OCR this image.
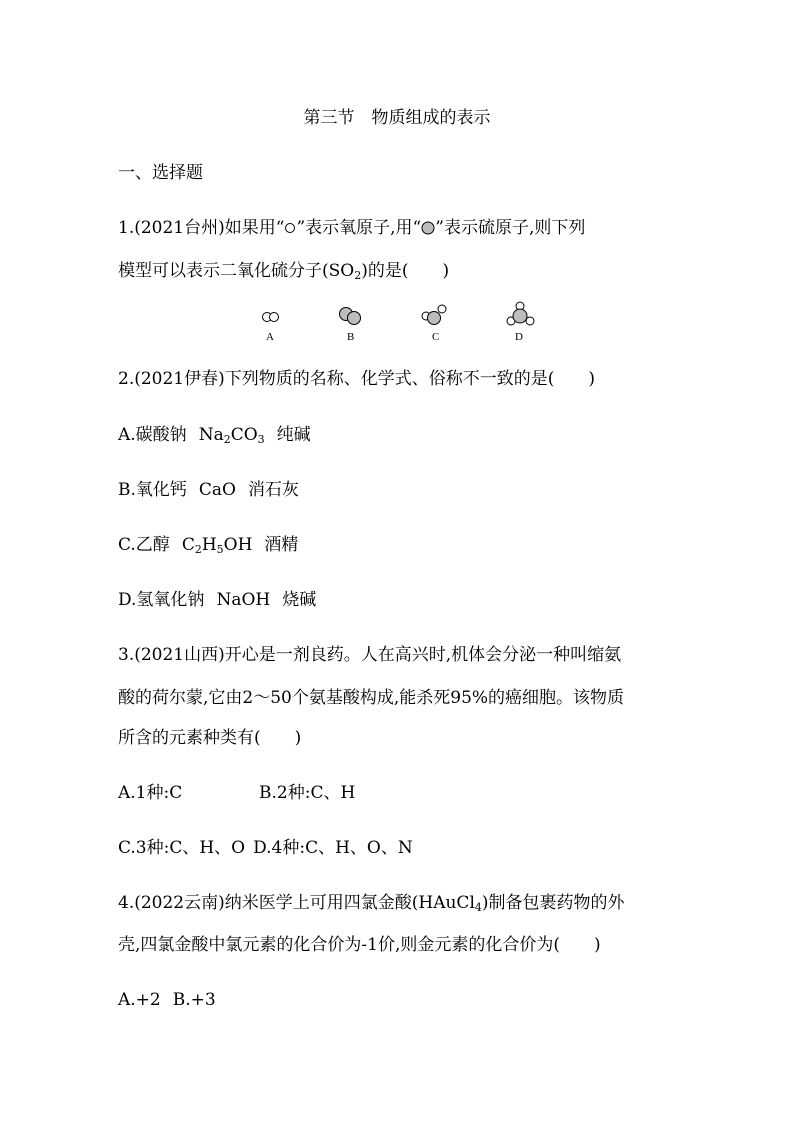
第三节　物质组成的表示
一、选择题
1.(2021台州)如果用“ ”表示氧原子,用“ ”表示硫原子,则下列
模型可以表示二氧化硫分子$(SO_2)$的是(　　)
A	B	C	D
2.(2021伊春)下列物质的名称、化学式、俗称不一致的是(　　)
A.碳酸钠 $Na_2CO_3$ 纯碱
B.氧化钙 CaO 消石灰
C.乙醇 $C_2H_5OH$ 酒精
D.氢氧化钠 NaOH 烧碱
3.(2021山西)开心是一剂良药。人在高兴时,机体会分泌一种叫缩氨
酸的荷尔蒙,它由2～50个氨基酸构成,能杀死95%的癌细胞。该物质
所含的元素种类有(　　)
A.1种:C	B.2种:C、H
C.3种:C、H、O D.4种:C、H、O、N
4.(2022云南)纳米医学上可用四氯金酸(HAuCl$_4$)制备包裹药物的外
壳,四氯金酸中氯元素的化合价为-1价,则金元素的化合价为(　　)
A.+2 B.+3
